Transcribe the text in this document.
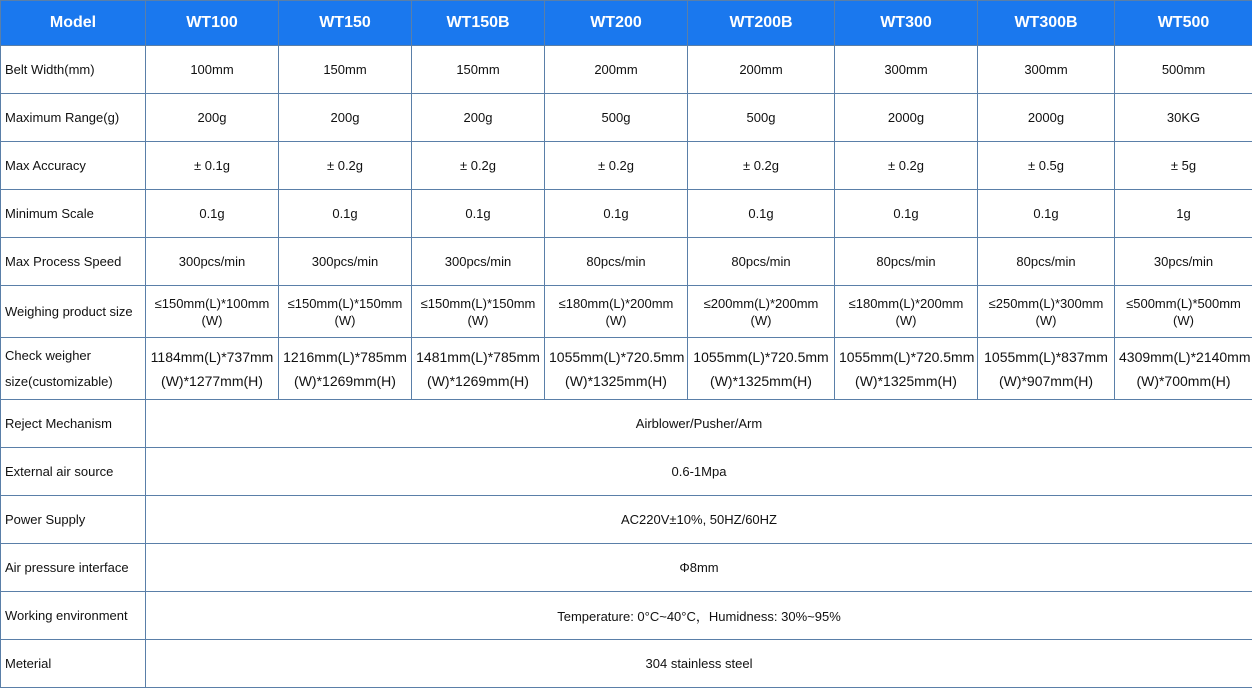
Model	WT100	WT150	WT150B	WT200	WT200B	WT300	WT300B	WT500
Belt Width(mm)	100mm	150mm	150mm	200mm	200mm	300mm	300mm	500mm
Maximum Range(g)	200g	200g	200g	500g	500g	2000g	2000g	30KG
Max Accuracy	± 0.1g	± 0.2g	± 0.2g	± 0.2g	± 0.2g	± 0.2g	± 0.5g	± 5g
Minimum Scale	0.1g	0.1g	0.1g	0.1g	0.1g	0.1g	0.1g	1g
Max Process Speed	300pcs/min	300pcs/min	300pcs/min	80pcs/min	80pcs/min	80pcs/min	80pcs/min	30pcs/min
Weighing product size	≤150mm(L)*100mm (W)	≤150mm(L)*150mm (W)	≤150mm(L)*150mm (W)	≤180mm(L)*200mm (W)	≤200mm(L)*200mm (W)	≤180mm(L)*200mm (W)	≤250mm(L)*300mm (W)	≤500mm(L)*500mm (W)
Check weigher size(customizable)	1184mm(L)*737mm (W)*1277mm(H)	1216mm(L)*785mm (W)*1269mm(H)	1481mm(L)*785mm (W)*1269mm(H)	1055mm(L)*720.5mm (W)*1325mm(H)	1055mm(L)*720.5mm (W)*1325mm(H)	1055mm(L)*720.5mm (W)*1325mm(H)	1055mm(L)*837mm (W)*907mm(H)	4309mm(L)*2140mm (W)*700mm(H)
Reject Mechanism	Airblower/Pusher/Arm							
External air source	0.6-1Mpa							
Power Supply	AC220V±10%, 50HZ/60HZ							
Air pressure interface	Φ8mm							
Working environment	Temperature: 0°C~40°C，Humidness: 30%~95%							
Meterial	304 stainless steel							
